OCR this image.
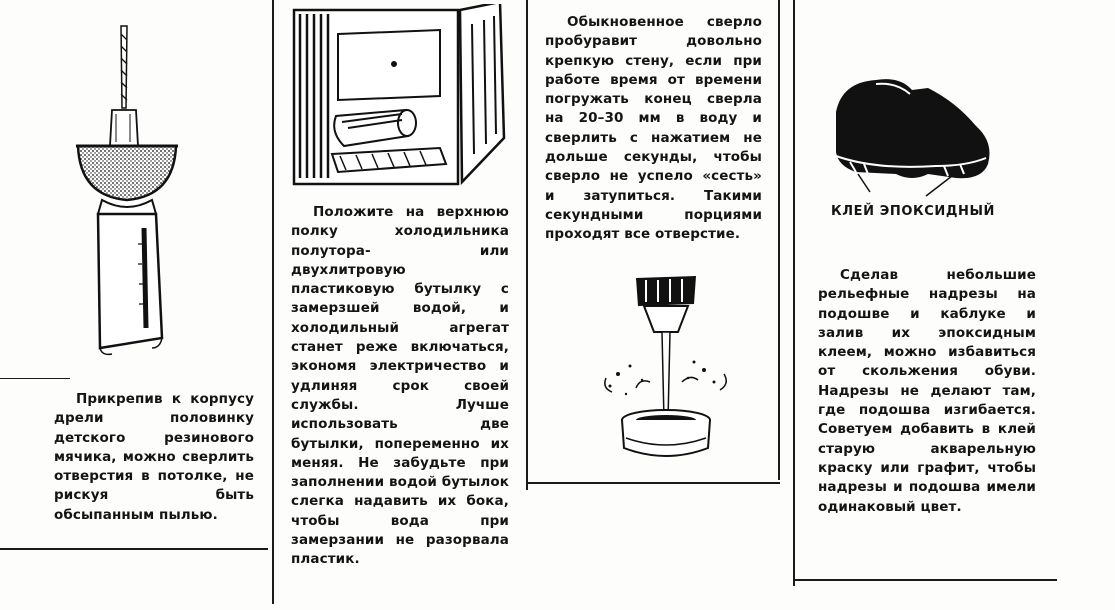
КЛЕЙ ЭПОКСИДНЫЙ

Прикрепив к корпусу дрели половинку детского резинового мячика, можно сверлить отверстия в потолке, не рискуя быть обсыпанным пылью.

Положите на верхнюю полку холодильника полутора- или двухлитровую пластиковую бутылку с замерзшей водой, и холодильный агрегат станет реже включаться, экономя электричество и удлиняя срок своей службы. Лучше использовать две бутылки, попеременно их меняя. Не забудьте при заполнении водой бутылок слегка надавить их бока, чтобы вода при замерзании не разорвала пластик.

Обыкновенное сверло пробуравит довольно крепкую стену, если при работе время от времени погружать конец сверла на 20–30 мм в воду и сверлить с нажатием не дольше секунды, чтобы сверло не успело «сесть» и затупиться. Такими секундными порциями проходят все отверстие.

Сделав небольшие рельефные надрезы на подошве и каблуке и залив их эпоксидным клеем, можно избавиться от скольжения обуви. Надрезы не делают там, где подошва изгибается. Советуем добавить в клей старую акварельную краску или графит, чтобы надрезы и подошва имели одинаковый цвет.
